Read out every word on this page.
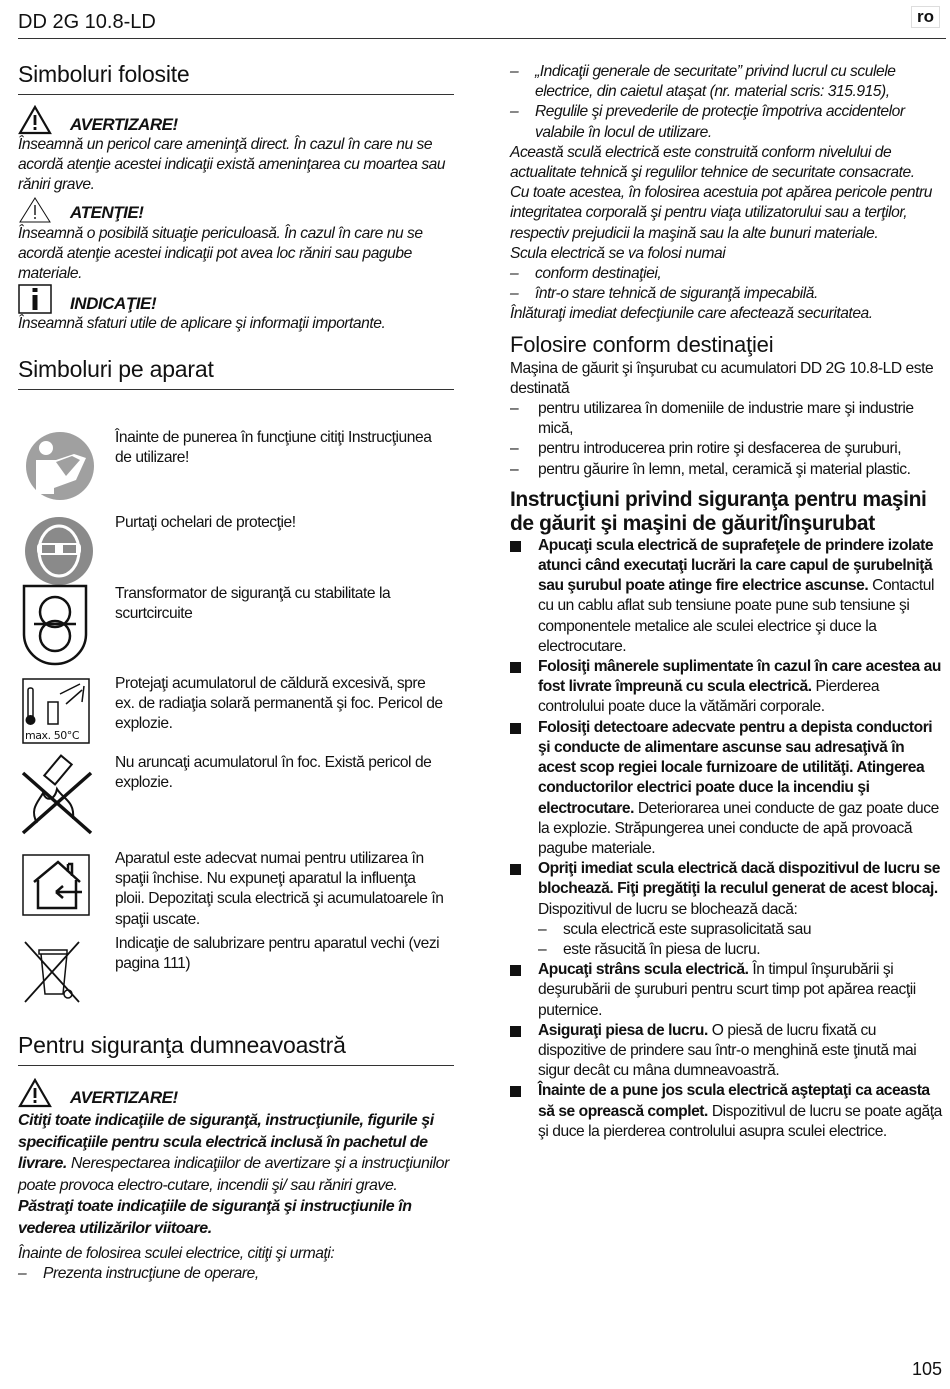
DD 2G 10.8-LD	ro
Simboluri folosite
AVERTIZARE!

Înseamnă un pericol care ameninţă direct. În cazul în care nu se acordă atenţie acestei indicaţii există ameninţarea cu moartea sau răniri grave.

ATENŢIE!

Înseamnă o posibilă situaţie periculoasă. În cazul în care nu se acordă atenţie acestei indicaţii pot avea loc răniri sau pagube materiale.

INDICAŢIE!

Înseamnă sfaturi utile de aplicare şi informaţii importante.

Simboluri pe aparat
Înainte de punerea în funcţiune citiţi Instrucţiunea de utilizare!
Purtaţi ochelari de protecţie!
Transformator de siguranţă cu stabilitate la scurtcircuite
max. 50°C
Protejaţi acumulatorul de căldură excesivă, spre ex. de radiaţia solară permanentă şi foc. Pericol de explozie.
Nu aruncaţi acumulatorul în foc. Există pericol de explozie.
Aparatul este adecvat numai pentru utilizarea în spaţii închise. Nu expuneţi aparatul la influenţa ploii. Depozitaţi scula electrică şi acumulatoarele în spaţii uscate.
Indicaţie de salubrizare pentru aparatul vechi (vezi pagina 111)
Pentru siguranţa dumneavoastră
AVERTIZARE!

Citiţi toate indicaţiile de siguranţă, instrucţiunile, figurile şi specificaţiile pentru scula electrică inclusă în pachetul de livrare. Nerespectarea indicaţiilor de avertizare şi a instrucţiunilor poate provoca electro-cutare, incendii şi/ sau răniri grave. Păstraţi toate indicaţiile de siguranţă şi instrucţiunile în vederea utilizărilor viitoare.

Înainte de folosirea sculei electrice, citiţi şi urmaţi:

–	Prezenta instrucţiune de operare,
–	„Indicaţii generale de securitate” privind lucrul cu sculele electrice, din caietul ataşat (nr. material scris: 315.915),
–	Regulile şi prevederile de protecţie împotriva accidentelor valabile în locul de utilizare.

Această sculă electrică este construită conform nivelului de actualitate tehnică şi regulilor tehnice de securitate consacrate.

Cu toate acestea, în folosirea acestuia pot apărea pericole pentru integritatea corporală şi pentru viaţa utilizatorului sau a terţilor, respectiv prejudicii la maşină sau la alte bunuri materiale.

Scula electrică se va folosi numai

–	conform destinaţiei,
–	într-o stare tehnică de siguranţă impecabilă.

Înlăturaţi imediat defecţiunile care afectează securitatea.

Folosire conform destinaţiei

Maşina de găurit şi înşurubat cu acumulatori DD 2G 10.8-LD este destinată

–	pentru utilizarea în domeniile de industrie mare şi industrie mică,
–	pentru introducerea prin rotire şi desfacerea de şuruburi,
–	pentru găurire în lemn, metal, ceramică şi material plastic.
Instrucţiuni privind siguranţa pentru maşini de găurit şi maşini de găurit/înşurubat
Apucaţi scula electrică de suprafeţele de prindere izolate atunci când executaţi lucrări la care capul de şurubelniţă sau şurubul poate atinge fire electrice ascunse. Contactul cu un cablu aflat sub tensiune poate pune sub tensiune şi componentele metalice ale sculei electrice şi duce la electrocutare.
Folosiţi mânerele suplimentate în cazul în care acestea au fost livrate împreună cu scula electrică. Pierderea controlului poate duce la vătămări corporale.
Folosiţi detectoare adecvate pentru a depista conductori şi conducte de alimentare ascunse sau adresaţivă în acest scop regiei locale furnizoare de utilităţi. Atingerea conductorilor electrici poate duce la incendiu şi electrocutare. Deteriorarea unei conducte de gaz poate duce la explozie. Străpungerea unei conducte de apă provoacă pagube materiale.
Opriţi imediat scula electrică dacă dispozitivul de lucru se blochează. Fiţi pregătiţi la reculul generat de acest blocaj. Dispozitivul de lucru se blochează dacă:
–	scula electrică este suprasolicitată sau
–	este răsucită în piesa de lucru.
Apucaţi strâns scula electrică. În timpul înşurubării şi deşurubării de şuruburi pentru scurt timp pot apărea reacţii puternice.
Asiguraţi piesa de lucru. O piesă de lucru fixată cu dispozitive de prindere sau într-o menghină este ţinută mai sigur decât cu mâna dumneavoastră.
Înainte de a pune jos scula electrică aşteptaţi ca aceasta să se oprească complet. Dispozitivul de lucru se poate agăţa şi duce la pierderea controlului asupra sculei electrice.
105
